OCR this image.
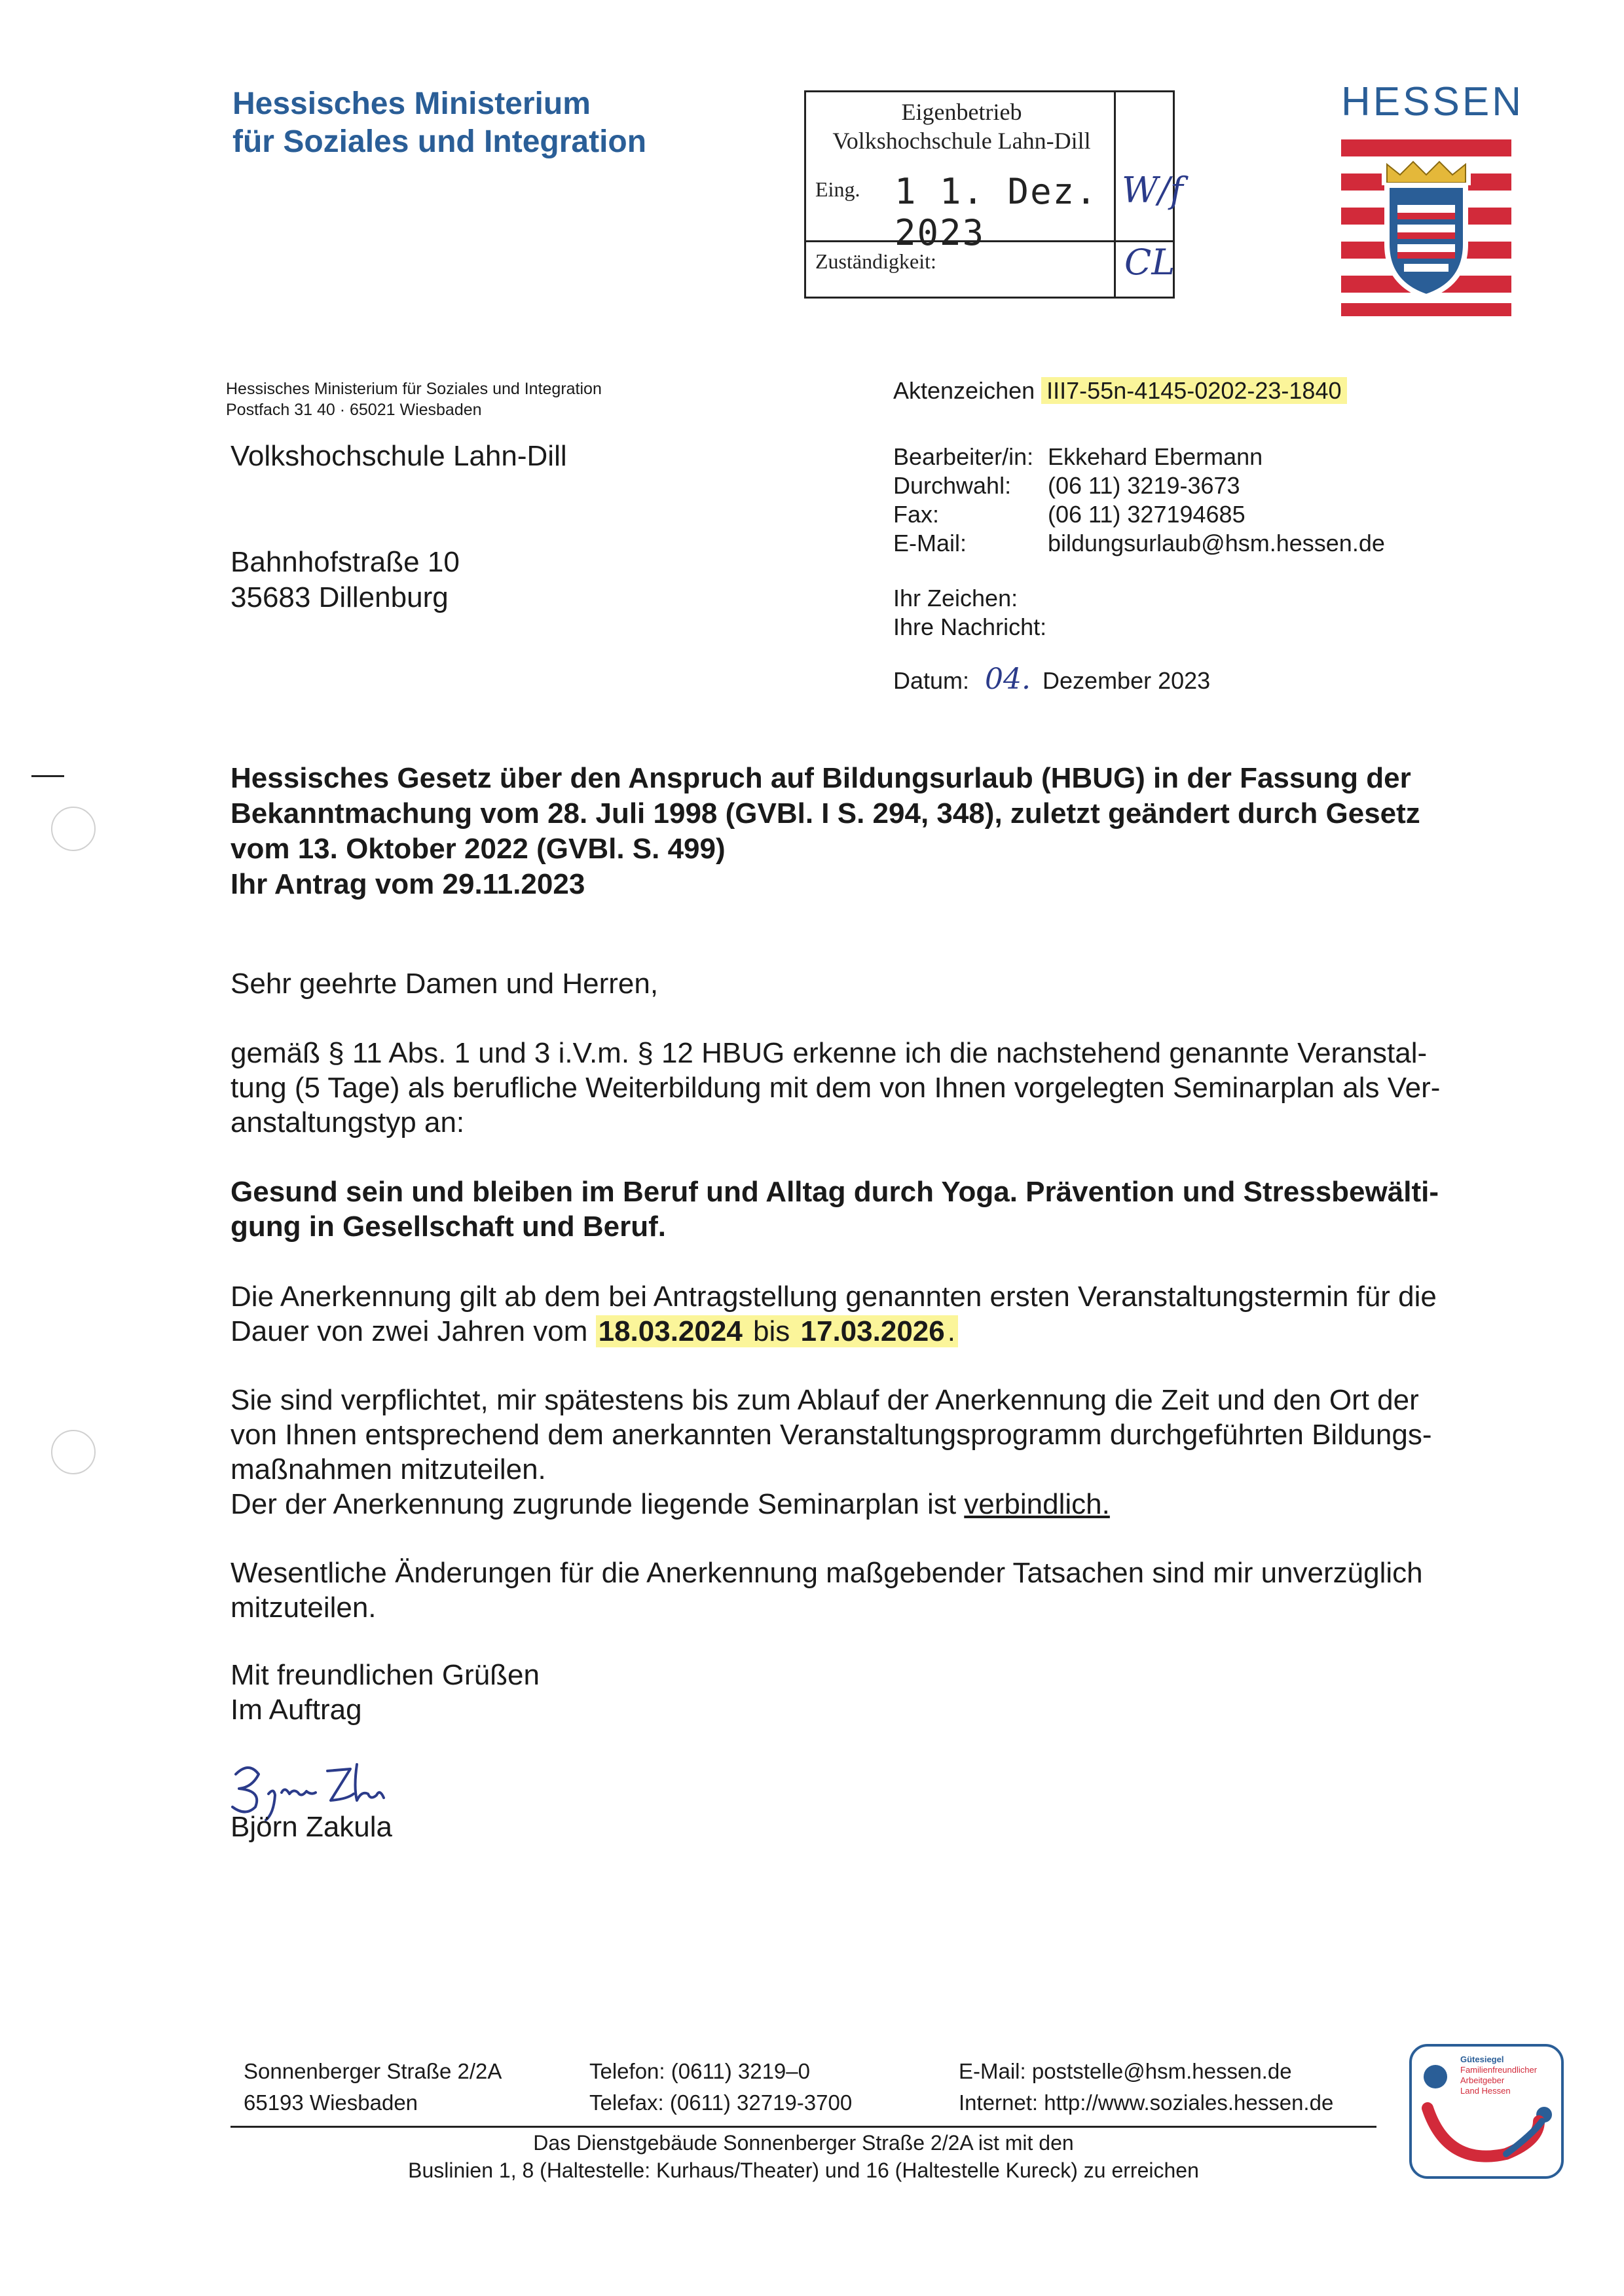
Hessisches Ministerium
für Soziales und Integration
Eigenbetrieb
Volkshochschule Lahn-Dill
Eing. 1 1. Dez. 2023
Zuständigkeit:
W/f
CL
HESSEN
Hessisches Ministerium für Soziales und Integration
Postfach 31 40 · 65021 Wiesbaden
Volkshochschule Lahn-Dill
Bahnhofstraße 10
35683 Dillenburg
Aktenzeichen III7-55n-4145-0202-23-1840
Bearbeiter/in: Ekkehard Ebermann
Durchwahl: (06 11) 3219-3673
Fax:	(06 11) 327194685
E-Mail:	bildungsurlaub@hsm.hessen.de
Ihr Zeichen:
Ihre Nachricht:
Datum: 04. Dezember 2023
Hessisches Gesetz über den Anspruch auf Bildungsurlaub (HBUG) in der Fassung der
Bekanntmachung vom 28. Juli 1998 (GVBl. I S. 294, 348), zuletzt geändert durch Gesetz
vom 13. Oktober 2022 (GVBl. S. 499)
Ihr Antrag vom 29.11.2023
Sehr geehrte Damen und Herren,
gemäß § 11 Abs. 1 und 3 i.V.m. § 12 HBUG erkenne ich die nachstehend genannte Veranstal-
tung (5 Tage) als berufliche Weiterbildung mit dem von Ihnen vorgelegten Seminarplan als Ver-
anstaltungstyp an:
Gesund sein und bleiben im Beruf und Alltag durch Yoga. Prävention und Stressbewälti-
gung in Gesellschaft und Beruf.
Die Anerkennung gilt ab dem bei Antragstellung genannten ersten Veranstaltungstermin für die
Dauer von zwei Jahren vom 18.03.2024 bis 17.03.2026.
Sie sind verpflichtet, mir spätestens bis zum Ablauf der Anerkennung die Zeit und den Ort der
von Ihnen entsprechend dem anerkannten Veranstaltungsprogramm durchgeführten Bildungs-
maßnahmen mitzuteilen.
Der der Anerkennung zugrunde liegende Seminarplan ist verbindlich.
Wesentliche Änderungen für die Anerkennung maßgebender Tatsachen sind mir unverzüglich
mitzuteilen.
Mit freundlichen Grüßen
Im Auftrag
Björn Zakula
Sonnenberger Straße 2/2A
65193 Wiesbaden
Telefon: (0611) 3219–0
Telefax: (0611) 32719-3700
E-Mail: poststelle@hsm.hessen.de
Internet: http://www.soziales.hessen.de
Das Dienstgebäude Sonnenberger Straße 2/2A ist mit den
Buslinien 1, 8 (Haltestelle: Kurhaus/Theater) und 16 (Haltestelle Kureck) zu erreichen
Gütesiegel
Familienfreundlicher
Arbeitgeber
Land Hessen
